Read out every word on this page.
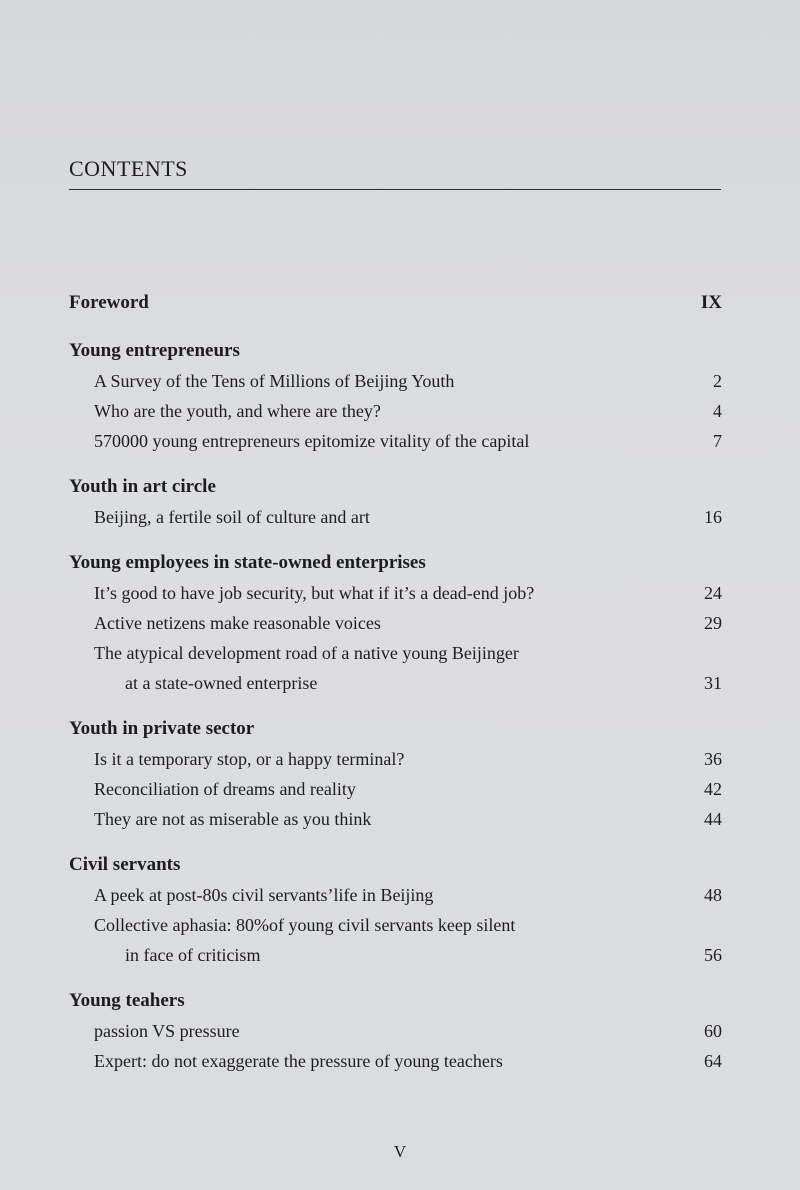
CONTENTS
Foreword	IX
Young entrepreneurs
A Survey of the Tens of Millions of Beijing Youth	2
Who are the youth, and where are they?	4
570000 young entrepreneurs epitomize vitality of the capital	7
Youth in art circle
Beijing, a fertile soil of culture and art	16
Young employees in state-owned enterprises
It’s good to have job security, but what if it’s a dead-end job?	24
Active netizens make reasonable voices	29
The atypical development road of a native young Beijinger
at a state-owned enterprise	31
Youth in private sector
Is it a temporary stop, or a happy terminal?	36
Reconciliation of dreams and reality	42
They are not as miserable as you think	44
Civil servants
A peek at post-80s civil servants’life in Beijing	48
Collective aphasia: 80%of young civil servants keep silent
in face of criticism	56
Young teahers
passion VS pressure	60
Expert: do not exaggerate the pressure of young teachers	64
V
